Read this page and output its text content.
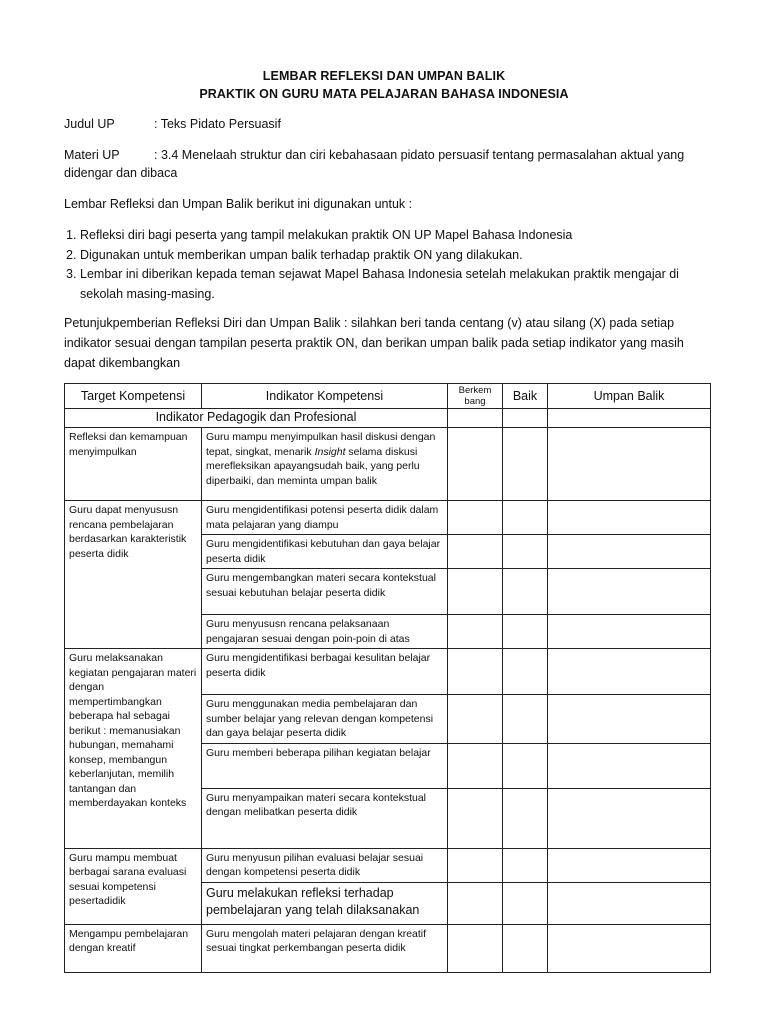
LEMBAR REFLEKSI DAN UMPAN BALIK
PRAKTIK ON GURU MATA PELAJARAN BAHASA INDONESIA
Judul UP	: Teks Pidato Persuasif
Materi UP	: 3.4 Menelaah struktur dan ciri kebahasaan pidato persuasif tentang permasalahan aktual yang
didengar dan dibaca
Lembar Refleksi dan Umpan Balik berikut ini digunakan untuk :
1. Refleksi diri bagi peserta yang tampil melakukan praktik ON UP Mapel Bahasa Indonesia
2. Digunakan untuk memberikan umpan balik terhadap praktik ON yang dilakukan.
3. Lembar ini diberikan kepada teman sejawat Mapel Bahasa Indonesia setelah melakukan praktik mengajar di sekolah masing-masing.
Petunjukpemberian Refleksi Diri dan Umpan Balik : silahkan beri tanda centang (v) atau silang (X) pada setiap indikator sesuai dengan tampilan peserta praktik ON, dan berikan umpan balik pada setiap indikator yang masih dapat dikembangkan
Target Kompetensi	Indikator Kompetensi	Berkem bang	Baik	Umpan Balik

Indikator Pedagogik dan Profesional				

Refleksi dan kemampuan menyimpulkan	Guru mampu menyimpulkan hasil diskusi dengan tepat, singkat, menarik Insight selama diskusi merefleksikan apayangsudah baik, yang perlu diperbaiki, dan meminta umpan balik			

Guru dapat menyususn rencana pembelajaran berdasarkan karakteristik peserta didik	Guru mengidentifikasi potensi peserta didik dalam mata pelajaran yang diampu			

	Guru mengidentifikasi kebutuhan dan gaya belajar peserta didik			

	Guru mengembangkan materi secara kontekstual sesuai kebutuhan belajar peserta didik			

	Guru menyususn rencana pelaksanaan pengajaran sesuai dengan poin-poin di atas			

Guru melaksanakan kegiatan pengajaran materi dengan mempertimbangkan beberapa hal sebagai berikut : memanusiakan hubungan, memahami konsep, membangun keberlanjutan, memilih tantangan dan memberdayakan konteks	Guru mengidentifikasi berbagai kesulitan belajar peserta didik			

	Guru menggunakan media pembelajaran dan sumber belajar yang relevan dengan kompetensi dan gaya belajar peserta didik			

	Guru memberi beberapa pilihan kegiatan belajar			

	Guru menyampaikan materi secara kontekstual dengan melibatkan peserta didik			

Guru mampu membuat berbagai sarana evaluasi sesuai kompetensi pesertadidik	Guru menyusun pilihan evaluasi belajar sesuai dengan kompetensi peserta didik			

	Guru melakukan refleksi terhadap pembelajaran yang telah dilaksanakan			

Mengampu pembelajaran dengan kreatif	Guru mengolah materi pelajaran dengan kreatif sesuai tingkat perkembangan peserta didik			
